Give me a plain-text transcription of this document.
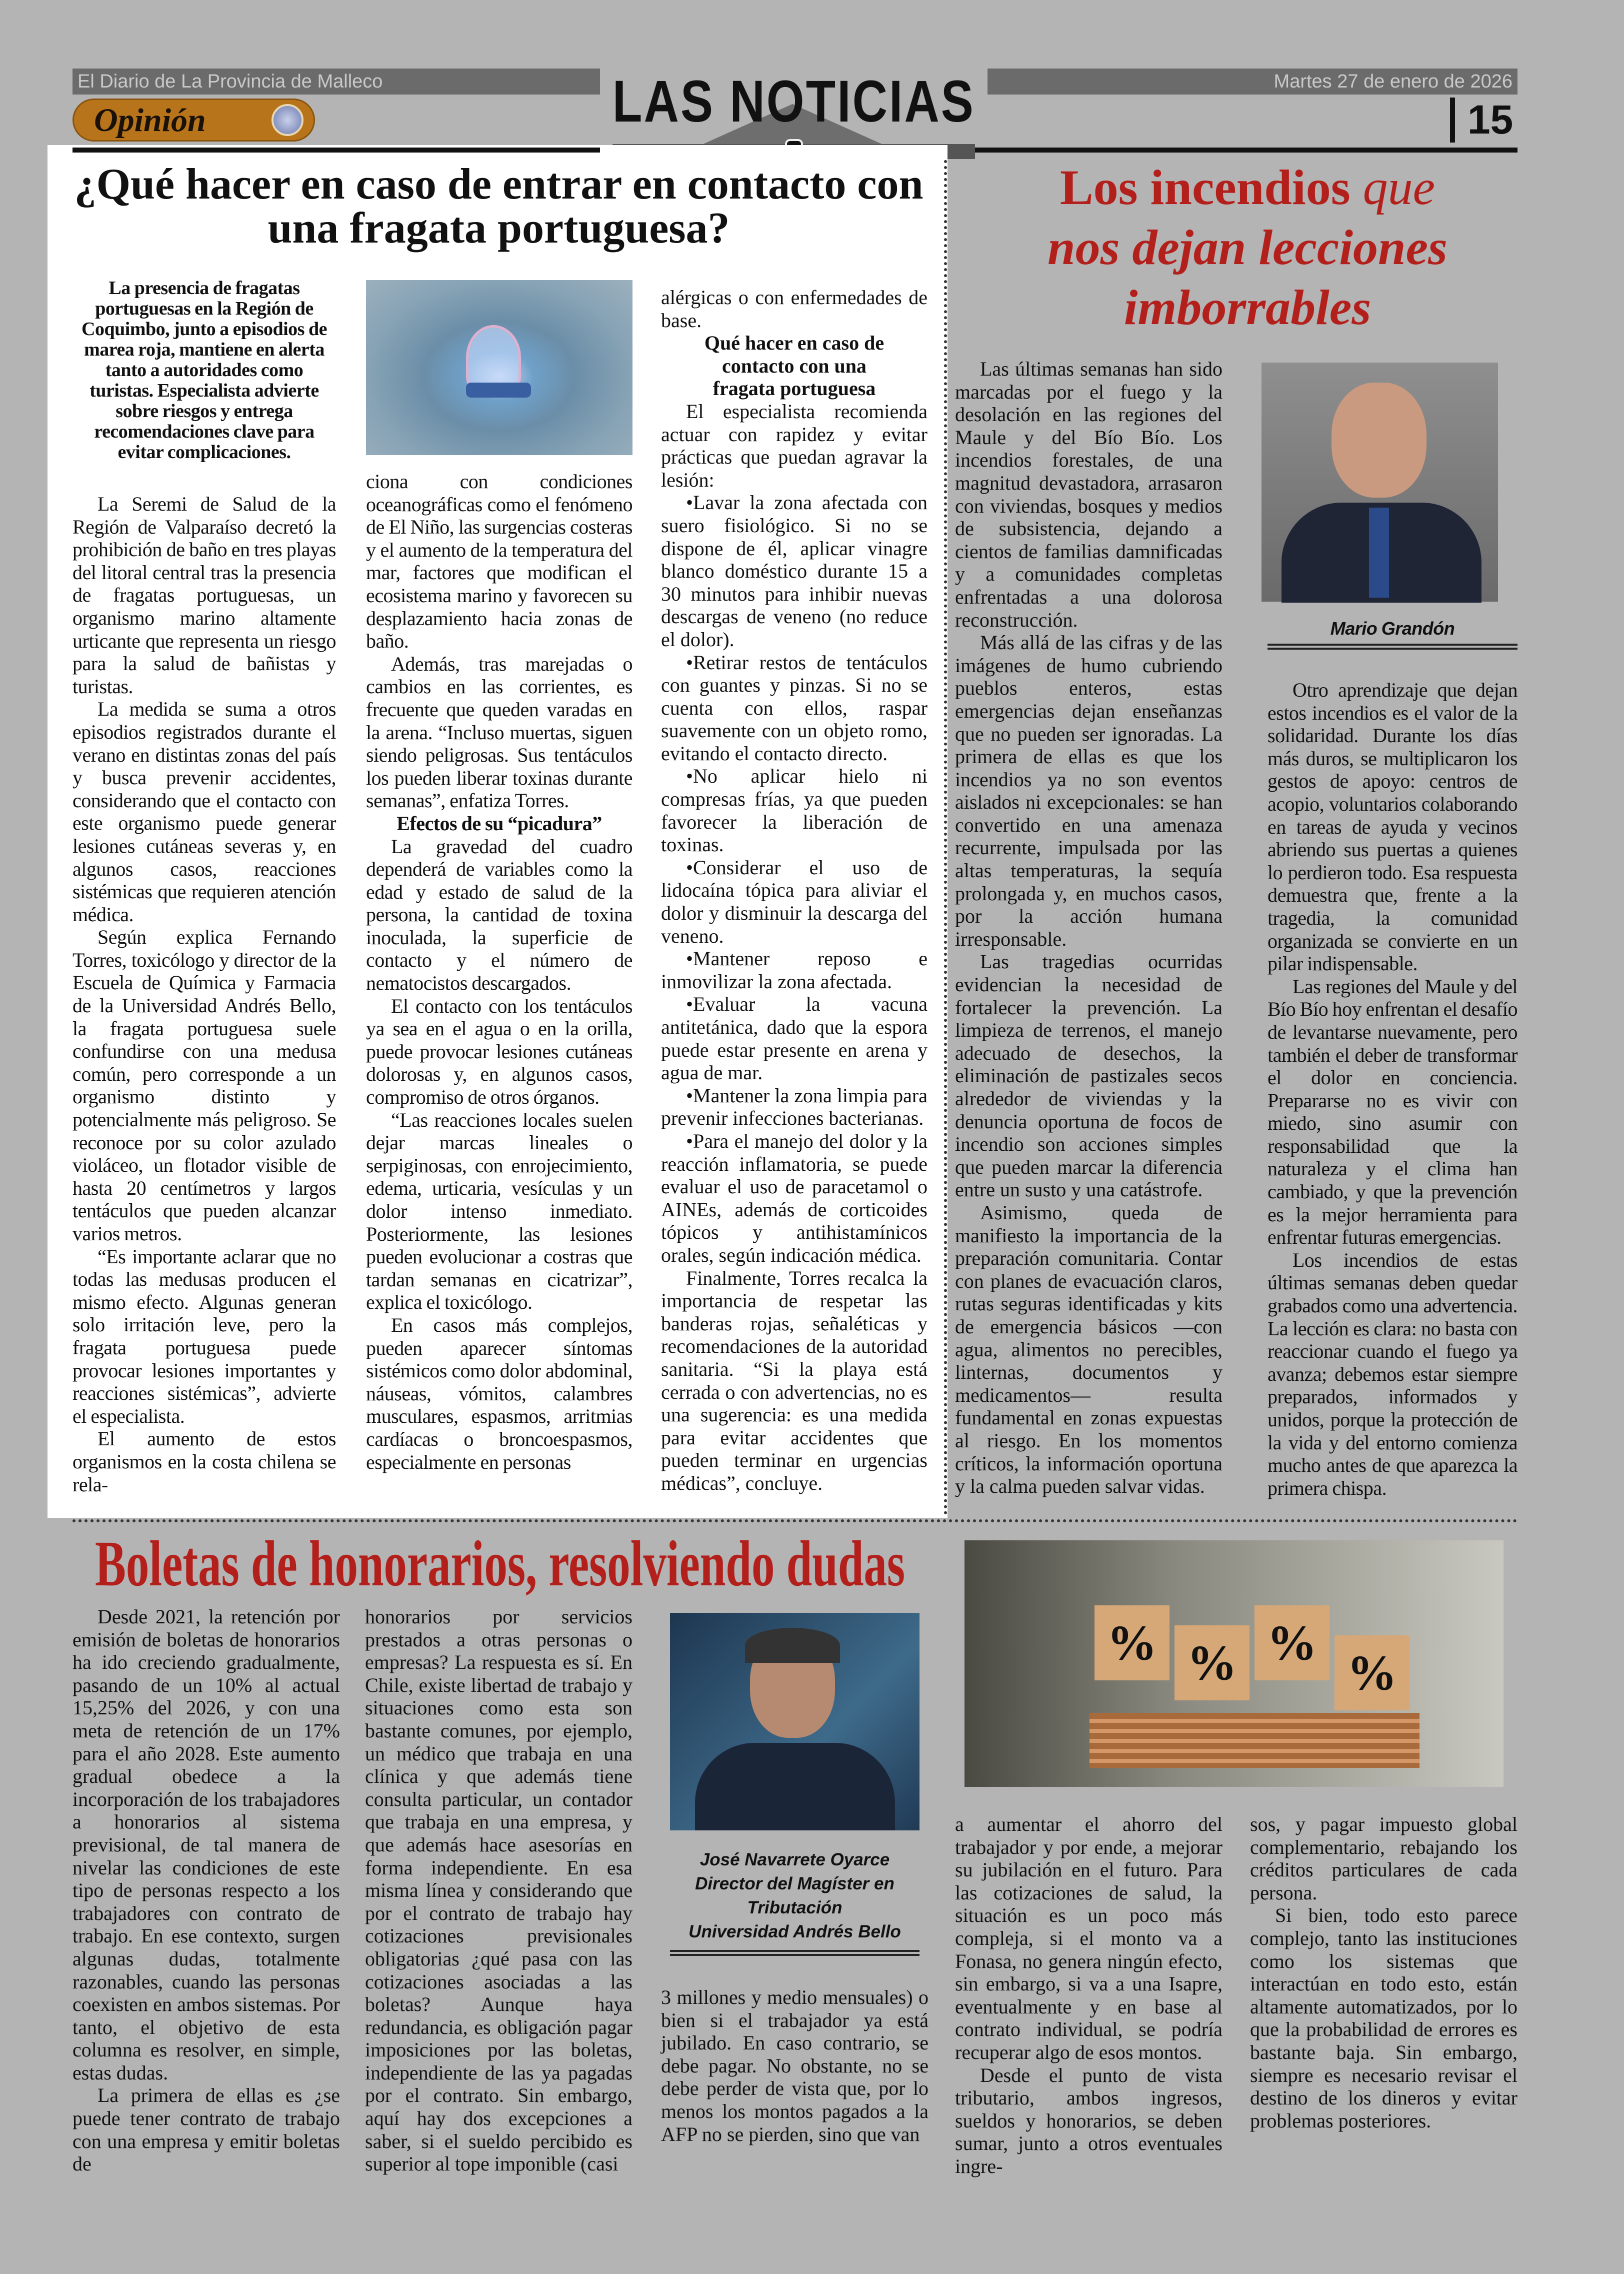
El Diario de La Provincia de Malleco	Martes 27 de enero de 2026
Opinión	LAS NOTICIAS	15
¿Qué hacer en caso de entrar en contacto con una fragata portuguesa?

La presencia de fragatas portuguesas en la Región de Coquimbo, junto a episodios de marea roja, mantiene en alerta tanto a autoridades como turistas. Especialista advierte sobre riesgos y entrega recomendaciones clave para evitar complicaciones.

La Seremi de Salud de la Región de Valparaíso decretó la prohibición de baño en tres playas del litoral central tras la presencia de fragatas portuguesas, un organismo marino altamente urticante que representa un riesgo para la salud de bañistas y turistas.

La medida se suma a otros episodios registrados durante el verano en distintas zonas del país y busca prevenir accidentes, considerando que el contacto con este organismo puede generar lesiones cutáneas severas y, en algunos casos, reacciones sistémicas que requieren atención médica.

Según explica Fernando Torres, toxicólogo y director de la Escuela de Química y Farmacia de la Universidad Andrés Bello, la fragata portuguesa suele confundirse con una medusa común, pero corresponde a un organismo distinto y potencialmente más peligroso. Se reconoce por su color azulado violáceo, un flotador visible de hasta 20 centímetros y largos tentáculos que pueden alcanzar varios metros.

“Es importante aclarar que no todas las medusas producen el mismo efecto. Algunas generan solo irritación leve, pero la fragata portuguesa puede provocar lesiones importantes y reacciones sistémicas”, advierte el especialista.

El aumento de estos organismos en la costa chilena se rela-

ciona con condiciones oceanográficas como el fenómeno de El Niño, las surgencias costeras y el aumento de la temperatura del mar, factores que modifican el ecosistema marino y favorecen su desplazamiento hacia zonas de baño.

Además, tras marejadas o cambios en las corrientes, es frecuente que queden varadas en la arena. “Incluso muertas, siguen siendo peligrosas. Sus tentáculos los pueden liberar toxinas durante semanas”, enfatiza Torres.

Efectos de su “picadura”

La gravedad del cuadro dependerá de variables como la edad y estado de salud de la persona, la cantidad de toxina inoculada, la superficie de contacto y el número de nematocistos descargados.

El contacto con los tentáculos ya sea en el agua o en la orilla, puede provocar lesiones cutáneas dolorosas y, en algunos casos, compromiso de otros órganos.

“Las reacciones locales suelen dejar marcas lineales o serpiginosas, con enrojecimiento, edema, urticaria, vesículas y un dolor intenso inmediato. Posteriormente, las lesiones pueden evolucionar a costras que tardan semanas en cicatrizar”, explica el toxicólogo.

En casos más complejos, pueden aparecer síntomas sistémicos como dolor abdominal, náuseas, vómitos, calambres musculares, espasmos, arritmias cardíacas o broncoespasmos, especialmente en personas

alérgicas o con enfermedades de base.

Qué hacer en caso de contacto con una fragata portuguesa

El especialista recomienda actuar con rapidez y evitar prácticas que puedan agravar la lesión:

•Lavar la zona afectada con suero fisiológico. Si no se dispone de él, aplicar vinagre blanco doméstico durante 15 a 30 minutos para inhibir nuevas descargas de veneno (no reduce el dolor).

•Retirar restos de tentáculos con guantes y pinzas. Si no se cuenta con ellos, raspar suavemente con un objeto romo, evitando el contacto directo.

•No aplicar hielo ni compresas frías, ya que pueden favorecer la liberación de toxinas.

•Considerar el uso de lidocaína tópica para aliviar el dolor y disminuir la descarga del veneno.

•Mantener reposo e inmovilizar la zona afectada.

•Evaluar la vacuna antitetánica, dado que la espora puede estar presente en arena y agua de mar.

•Mantener la zona limpia para prevenir infecciones bacterianas.

•Para el manejo del dolor y la reacción inflamatoria, se puede evaluar el uso de paracetamol o AINEs, además de corticoides tópicos y antihistamínicos orales, según indicación médica.

Finalmente, Torres recalca la importancia de respetar las banderas rojas, señaléticas y recomendaciones de la autoridad sanitaria. “Si la playa está cerrada o con advertencias, no es una sugerencia: es una medida para evitar accidentes que pueden terminar en urgencias médicas”, concluye.

Los incendios que
nos dejan lecciones imborrables

Las últimas semanas han sido marcadas por el fuego y la desolación en las regiones del Maule y del Bío Bío. Los incendios forestales, de una magnitud devastadora, arrasaron con viviendas, bosques y medios de subsistencia, dejando a cientos de familias damnificadas y a comunidades completas enfrentadas a una dolorosa reconstrucción.

Más allá de las cifras y de las imágenes de humo cubriendo pueblos enteros, estas emergencias dejan enseñanzas que no pueden ser ignoradas. La primera de ellas es que los incendios ya no son eventos aislados ni excepcionales: se han convertido en una amenaza recurrente, impulsada por las altas temperaturas, la sequía prolongada y, en muchos casos, por la acción humana irresponsable.

Las tragedias ocurridas evidencian la necesidad de fortalecer la prevención. La limpieza de terrenos, el manejo adecuado de desechos, la eliminación de pastizales secos alrededor de viviendas y la denuncia oportuna de focos de incendio son acciones simples que pueden marcar la diferencia entre un susto y una catástrofe.

Asimismo, queda de manifiesto la importancia de la preparación comunitaria. Contar con planes de evacuación claros, rutas seguras identificadas y kits de emergencia básicos —con agua, alimentos no perecibles, linternas, documentos y medicamentos— resulta fundamental en zonas expuestas al riesgo. En los momentos críticos, la información oportuna y la calma pueden salvar vidas.

Mario Grandón

Otro aprendizaje que dejan estos incendios es el valor de la solidaridad. Durante los días más duros, se multiplicaron los gestos de apoyo: centros de acopio, voluntarios colaborando en tareas de ayuda y vecinos abriendo sus puertas a quienes lo perdieron todo. Esa respuesta demuestra que, frente a la tragedia, la comunidad organizada se convierte en un pilar indispensable.

Las regiones del Maule y del Bío Bío hoy enfrentan el desafío de levantarse nuevamente, pero también el deber de transformar el dolor en conciencia. Prepararse no es vivir con miedo, sino asumir con responsabilidad que la naturaleza y el clima han cambiado, y que la prevención es la mejor herramienta para enfrentar futuras emergencias.

Los incendios de estas últimas semanas deben quedar grabados como una advertencia. La lección es clara: no basta con reaccionar cuando el fuego ya avanza; debemos estar siempre preparados, informados y unidos, porque la protección de la vida y del entorno comienza mucho antes de que aparezca la primera chispa.

Boletas de honorarios, resolviendo dudas

Desde 2021, la retención por emisión de boletas de honorarios ha ido creciendo gradualmente, pasando de un 10% al actual 15,25% del 2026, y con una meta de retención de un 17% para el año 2028. Este aumento gradual obedece a la incorporación de los trabajadores a honorarios al sistema previsional, de tal manera de nivelar las condiciones de este tipo de personas respecto a los trabajadores con contrato de trabajo. En ese contexto, surgen algunas dudas, totalmente razonables, cuando las personas coexisten en ambos sistemas. Por tanto, el objetivo de esta columna es resolver, en simple, estas dudas.

La primera de ellas es ¿se puede tener contrato de trabajo con una empresa y emitir boletas de

honorarios por servicios prestados a otras personas o empresas? La respuesta es sí. En Chile, existe libertad de trabajo y situaciones como esta son bastante comunes, por ejemplo, un médico que trabaja en una clínica y que además tiene consulta particular, un contador que trabaja en una empresa, y que además hace asesorías en forma independiente. En esa misma línea y considerando que por el contrato de trabajo hay cotizaciones previsionales obligatorias ¿qué pasa con las cotizaciones asociadas a las boletas? Aunque haya redundancia, es obligación pagar imposiciones por las boletas, independiente de las ya pagadas por el contrato. Sin embargo, aquí hay dos excepciones a saber, si el sueldo percibido es superior al tope imponible (casi

José Navarrete Oyarce
Director del Magíster en Tributación
Universidad Andrés Bello

3 millones y medio mensuales) o bien si el trabajador ya está jubilado. En caso contrario, se debe pagar. No obstante, no se debe perder de vista que, por lo menos los montos pagados a la AFP no se pierden, sino que van

% % %
%

a aumentar el ahorro del trabajador y por ende, a mejorar su jubilación en el futuro. Para las cotizaciones de salud, la situación es un poco más compleja, si el monto va a Fonasa, no genera ningún efecto, sin embargo, si va a una Isapre, eventualmente y en base al contrato individual, se podría recuperar algo de esos montos.

Desde el punto de vista tributario, ambos ingresos, sueldos y honorarios, se deben sumar, junto a otros eventuales ingre-

sos, y pagar impuesto global complementario, rebajando los créditos particulares de cada persona.

Si bien, todo esto parece complejo, tanto las instituciones como los sistemas que interactúan en todo esto, están altamente automatizados, por lo que la probabilidad de errores es bastante baja. Sin embargo, siempre es necesario revisar el destino de los dineros y evitar problemas posteriores.
